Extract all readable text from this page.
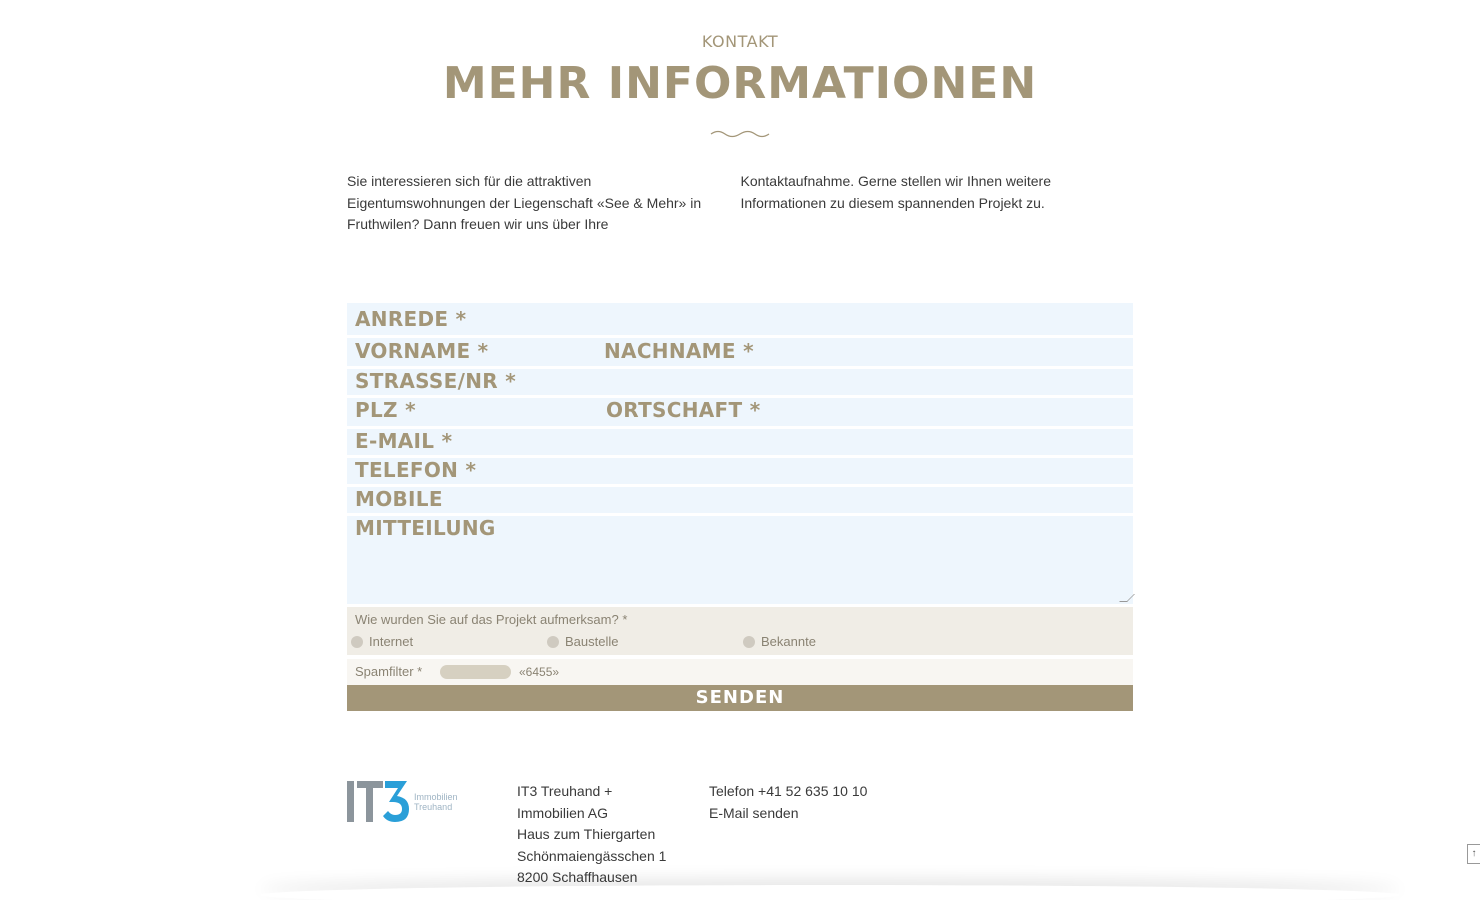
KONTAKT
MEHR INFORMATIONEN

Sie interessieren sich für die attraktiven Eigentumswohnungen der Liegenschaft «See & Mehr» in Fruthwilen? Dann freuen wir uns über Ihre Kontaktaufnahme. Gerne stellen wir Ihnen weitere Informationen zu diesem spannenden Projekt zu.

ANREDE *
VORNAME *	NACHNAME *
STRASSE/NR *
PLZ *	ORTSCHAFT *
E-MAIL *
TELEFON *
MOBILE
MITTEILUNG
Wie wurden Sie auf das Projekt aufmerksam? *
Internet	Baustelle	Bekannte
Spamfilter *	«6455»
SENDEN
Immobilien
Treuhand
IT3 Treuhand +
Immobilien AG
Haus zum Thiergarten
Schönmaiengässchen 1
8200 Schaffhausen
Telefon +41 52 635 10 10
E-Mail senden
↑
